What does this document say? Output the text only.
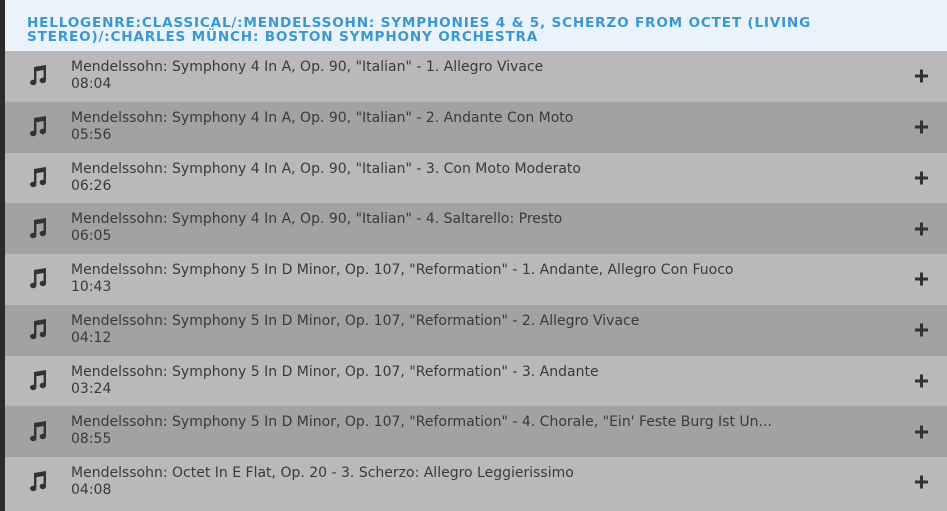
HELLOGENRE:CLASSICAL/:MENDELSSOHN: SYMPHONIES 4 & 5, SCHERZO FROM OCTET (LIVING STEREO)/:CHARLES MÜNCH: BOSTON SYMPHONY ORCHESTRA
Mendelssohn: Symphony 4 In A, Op. 90, "Italian" - 1. Allegro Vivace
08:04
Mendelssohn: Symphony 4 In A, Op. 90, "Italian" - 2. Andante Con Moto
05:56
Mendelssohn: Symphony 4 In A, Op. 90, "Italian" - 3. Con Moto Moderato
06:26
Mendelssohn: Symphony 4 In A, Op. 90, "Italian" - 4. Saltarello: Presto
06:05
Mendelssohn: Symphony 5 In D Minor, Op. 107, "Reformation" - 1. Andante, Allegro Con Fuoco
10:43
Mendelssohn: Symphony 5 In D Minor, Op. 107, "Reformation" - 2. Allegro Vivace
04:12
Mendelssohn: Symphony 5 In D Minor, Op. 107, "Reformation" - 3. Andante
03:24
Mendelssohn: Symphony 5 In D Minor, Op. 107, "Reformation" - 4. Chorale, "Ein' Feste Burg Ist Un...
08:55
Mendelssohn: Octet In E Flat, Op. 20 - 3. Scherzo: Allegro Leggierissimo
04:08
